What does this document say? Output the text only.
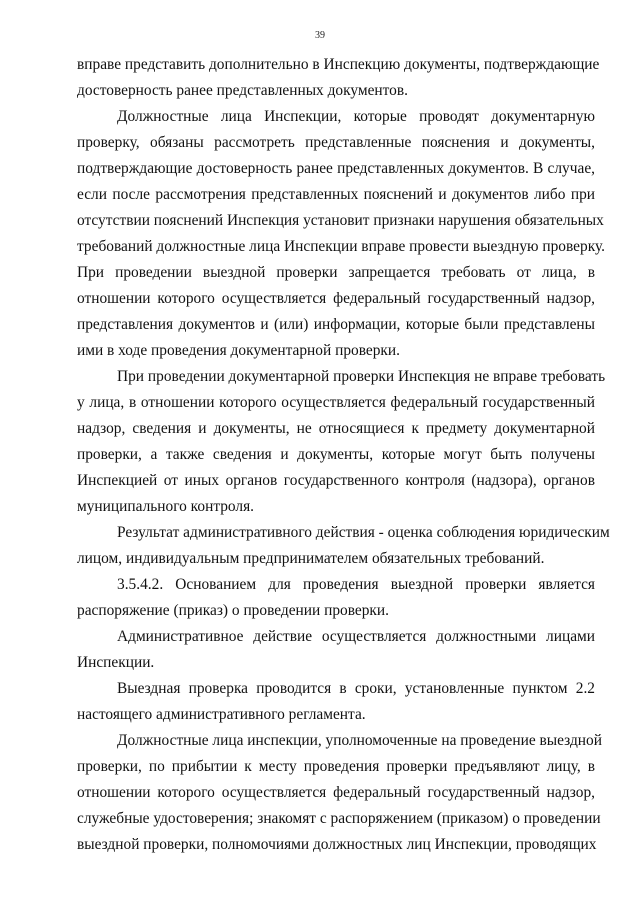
39
вправе представить дополнительно в Инспекцию документы, подтверждающие
достоверность ранее представленных документов.
Должностные лица Инспекции, которые проводят документарную
проверку, обязаны рассмотреть представленные пояснения и документы,
подтверждающие достоверность ранее представленных документов. В случае,
если после рассмотрения представленных пояснений и документов либо при
отсутствии пояснений Инспекция установит признаки нарушения обязательных
требований должностные лица Инспекции вправе провести выездную проверку.
При проведении выездной проверки запрещается требовать от лица, в
отношении которого осуществляется федеральный государственный надзор,
представления документов и (или) информации, которые были представлены
ими в ходе проведения документарной проверки.
При проведении документарной проверки Инспекция не вправе требовать
у лица, в отношении которого осуществляется федеральный государственный
надзор, сведения и документы, не относящиеся к предмету документарной
проверки, а также сведения и документы, которые могут быть получены
Инспекцией от иных органов государственного контроля (надзора), органов
муниципального контроля.
Результат административного действия - оценка соблюдения юридическим
лицом, индивидуальным предпринимателем обязательных требований.
3.5.4.2. Основанием для проведения выездной проверки является
распоряжение (приказ) о проведении проверки.
Административное действие осуществляется должностными лицами
Инспекции.
Выездная проверка проводится в сроки, установленные пунктом 2.2
настоящего административного регламента.
Должностные лица инспекции, уполномоченные на проведение выездной
проверки, по прибытии к месту проведения проверки предъявляют лицу, в
отношении которого осуществляется федеральный государственный надзор,
служебные удостоверения; знакомят с распоряжением (приказом) о проведении
выездной проверки, полномочиями должностных лиц Инспекции, проводящих
